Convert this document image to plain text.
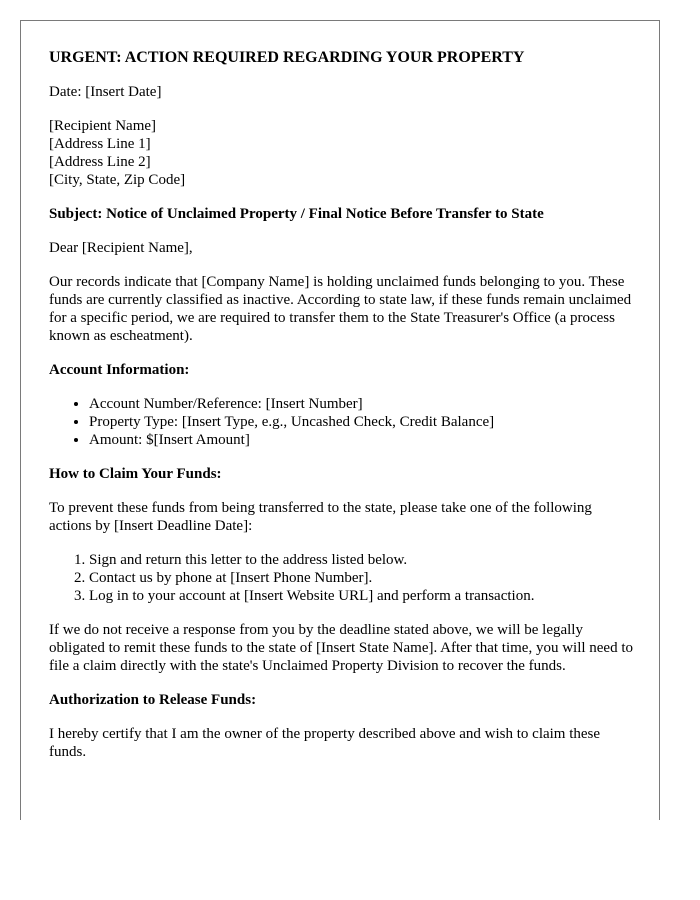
URGENT: ACTION REQUIRED REGARDING YOUR PROPERTY
Date: [Insert Date]
[Recipient Name]
[Address Line 1]
[Address Line 2]
[City, State, Zip Code]
Subject: Notice of Unclaimed Property / Final Notice Before Transfer to State
Dear [Recipient Name],
Our records indicate that [Company Name] is holding unclaimed funds belonging to you. These funds are currently classified as inactive. According to state law, if these funds remain unclaimed for a specific period, we are required to transfer them to the State Treasurer's Office (a process known as escheatment).
Account Information:
• Account Number/Reference: [Insert Number]
• Property Type: [Insert Type, e.g., Uncashed Check, Credit Balance]
• Amount: $[Insert Amount]
How to Claim Your Funds:
To prevent these funds from being transferred to the state, please take one of the following actions by [Insert Deadline Date]:
1. Sign and return this letter to the address listed below.
2. Contact us by phone at [Insert Phone Number].
3. Log in to your account at [Insert Website URL] and perform a transaction.
If we do not receive a response from you by the deadline stated above, we will be legally obligated to remit these funds to the state of [Insert State Name]. After that time, you will need to file a claim directly with the state's Unclaimed Property Division to recover the funds.
Authorization to Release Funds:
I hereby certify that I am the owner of the property described above and wish to claim these funds.
